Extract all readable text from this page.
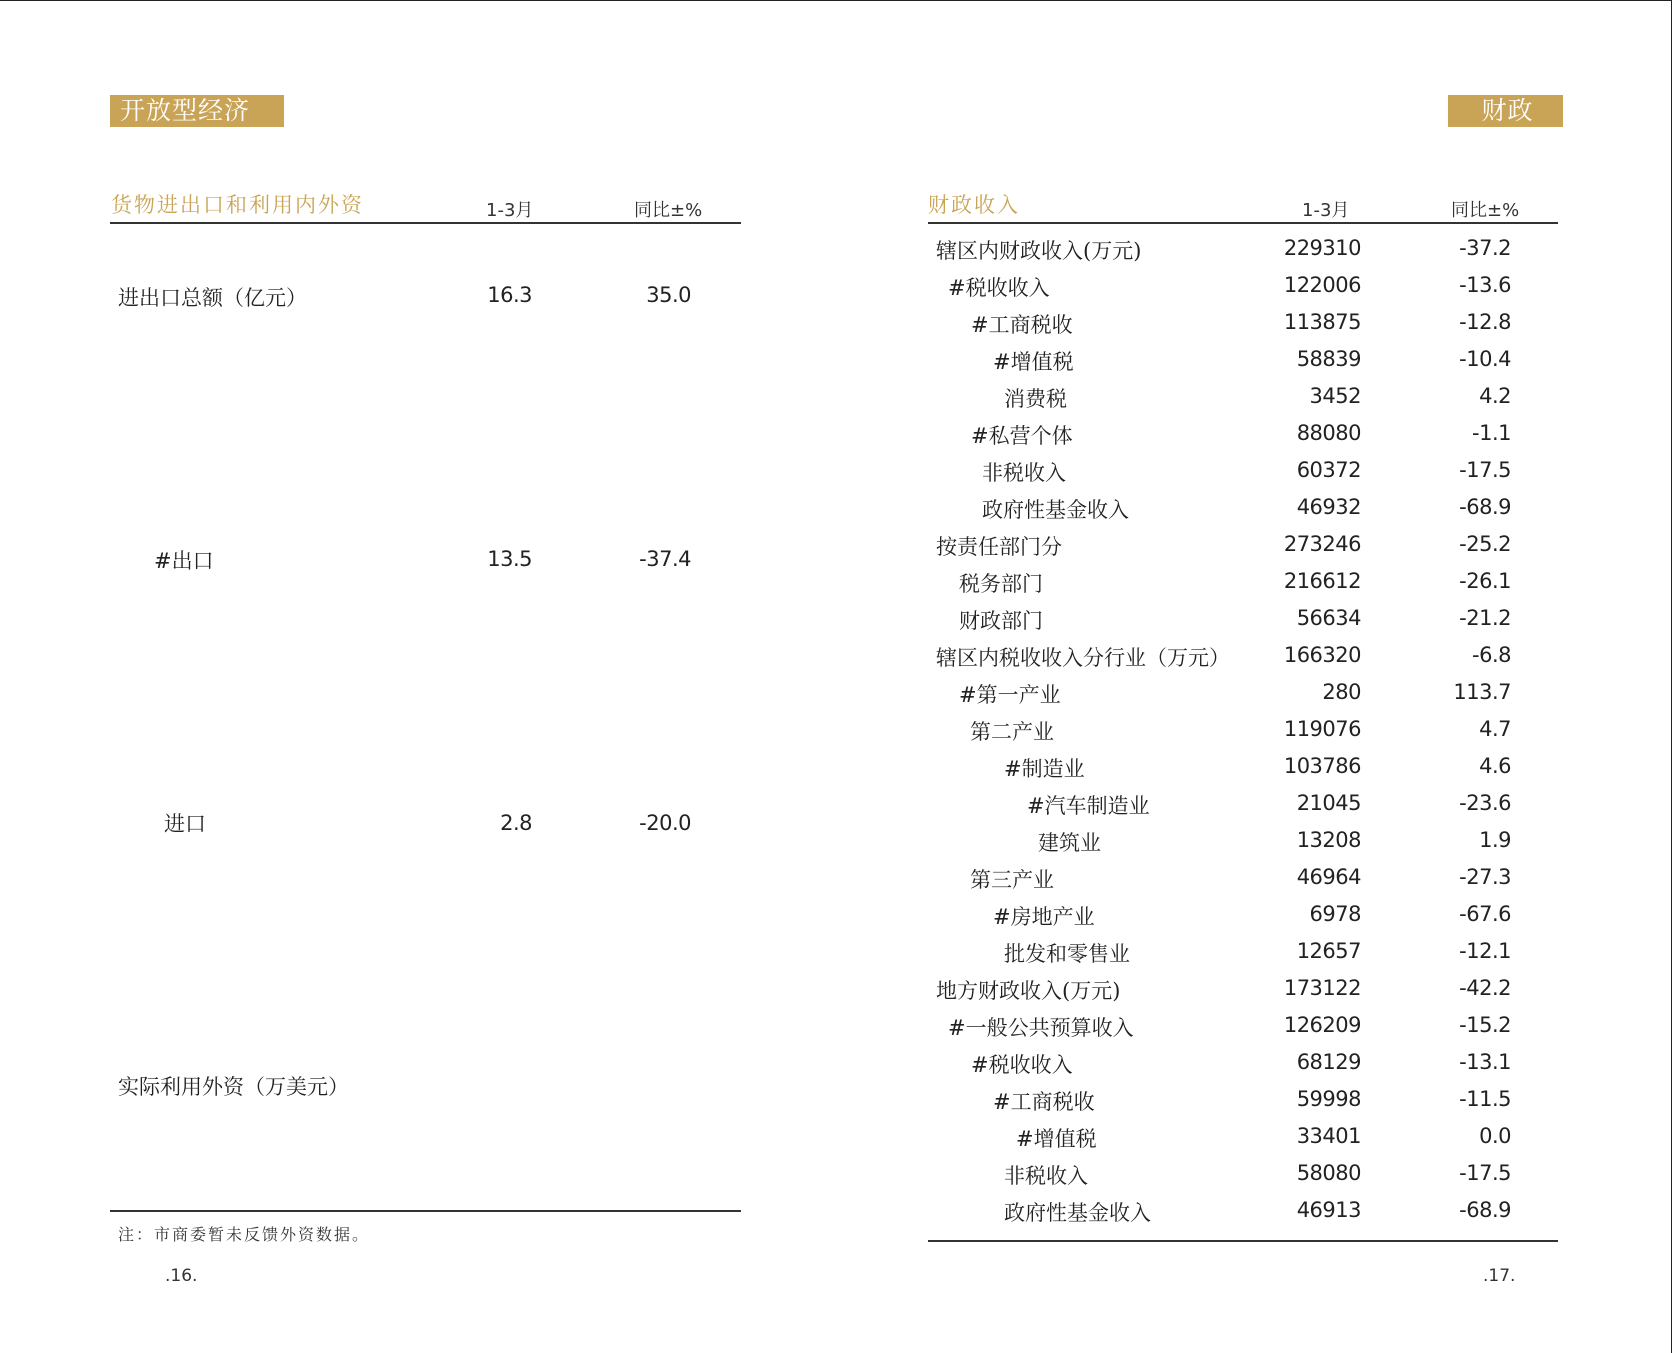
开放型经济
货物进出口和利用内外资	1-3月	同比±%
进出口总额（亿元）	16.3	35.0
#出口	13.5	-37.4
进口	2.8	-20.0
实际利用外资（万美元）
注：市商委暂未反馈外资数据。
.16.
财政
财政收入	1-3月	同比±%
辖区内财政收入(万元)	229310	-37.2
#税收收入	122006	-13.6
#工商税收	113875	-12.8
#增值税	58839	-10.4
消费税	3452	4.2
#私营个体	88080	-1.1
非税收入	60372	-17.5
政府性基金收入	46932	-68.9
按责任部门分	273246	-25.2
税务部门	216612	-26.1
财政部门	56634	-21.2
辖区内税收收入分行业（万元）	166320	-6.8
#第一产业	280	113.7
第二产业	119076	4.7
#制造业	103786	4.6
#汽车制造业	21045	-23.6
建筑业	13208	1.9
第三产业	46964	-27.3
#房地产业	6978	-67.6
批发和零售业	12657	-12.1
地方财政收入(万元)	173122	-42.2
#一般公共预算收入	126209	-15.2
#税收收入	68129	-13.1
#工商税收	59998	-11.5
#增值税	33401	0.0
非税收入	58080	-17.5
政府性基金收入	46913	-68.9
.17.
